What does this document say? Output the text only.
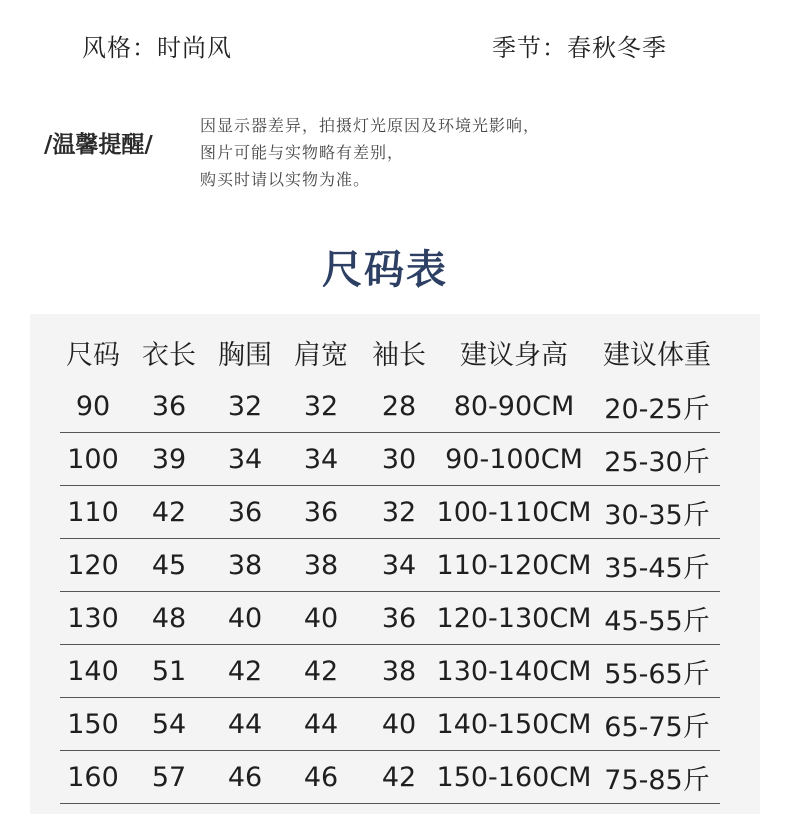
风格 ： 时尚风	季节 ： 春秋冬季
/温馨提醒/
因显示器差异，拍摄灯光原因及环境光影响，
图片可能与实物略有差别，
购买时请以实物为准。
尺码表
尺码	衣长	胸围	肩宽	袖长	建议身高	建议体重
90	36	32	32	28	80-90CM	20-25斤
100	39	34	34	30	90-100CM	25-30斤
110	42	36	36	32	100-110CM	30-35斤
120	45	38	38	34	110-120CM	35-45斤
130	48	40	40	36	120-130CM	45-55斤
140	51	42	42	38	130-140CM	55-65斤
150	54	44	44	40	140-150CM	65-75斤
160	57	46	46	42	150-160CM	75-85斤
